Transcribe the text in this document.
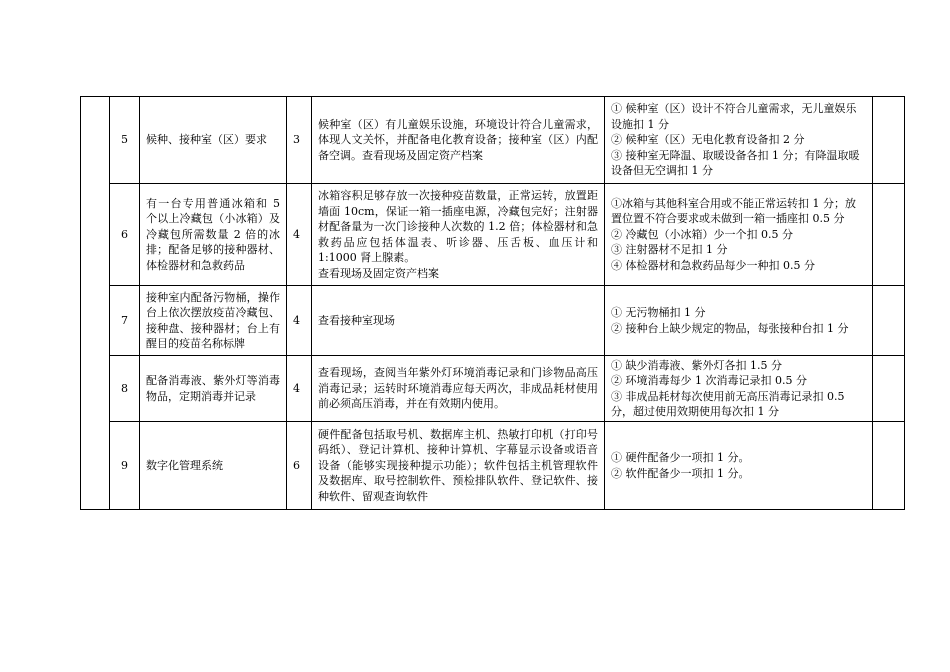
	5	候种、接种室（区）要求	3	候种室（区）有儿童娱乐设施，环境设计符合儿童需求，体现人文关怀，并配备电化教育设备；接种室（区）内配备空调。查看现场及固定资产档案	① 候种室（区）设计不符合儿童需求，无儿童娱乐设施扣 1 分
② 候种室（区）无电化教育设备扣 2 分
③ 接种室无降温、取暖设备各扣 1 分；有降温取暖设备但无空调扣 1 分	

	6	有一台专用普通冰箱和 5 个以上冷藏包（小冰箱）及冷藏包所需数量 2 倍的冰排；配备足够的接种器材、体检器材和急救药品	4	冰箱容积足够存放一次接种疫苗数量，正常运转，放置距墙面 10cm，保证一箱一插座电源，冷藏包完好；注射器材配备量为一次门诊接种人次数的 1.2 倍；体检器材和急救药品应包括体温表、听诊器、压舌板、血压计和 1:1000 肾上腺素。
查看现场及固定资产档案	①冰箱与其他科室合用或不能正常运转扣 1 分；放置位置不符合要求或未做到一箱一插座扣 0.5 分
② 冷藏包（小冰箱）少一个扣 0.5 分
③ 注射器材不足扣 1 分
④ 体检器材和急救药品每少一种扣 0.5 分	

	7	接种室内配备污物桶，操作台上依次摆放疫苗冷藏包、接种盘、接种器材；台上有醒目的疫苗名称标牌	4	查看接种室现场	① 无污物桶扣 1 分
② 接种台上缺少规定的物品，每张接种台扣 1 分	

	8	配备消毒液、紫外灯等消毒物品，定期消毒并记录	4	查看现场，查阅当年紫外灯环境消毒记录和门诊物品高压消毒记录；运转时环境消毒应每天两次，非成品耗材使用前必须高压消毒，并在有效期内使用。	① 缺少消毒液、紫外灯各扣 1.5 分
② 环境消毒每少 1 次消毒记录扣 0.5 分
③ 非成品耗材每次使用前无高压消毒记录扣 0.5 分，超过使用效期使用每次扣 1 分	

	9	数字化管理系统	6	硬件配备包括取号机、数据库主机、热敏打印机（打印号码纸）、登记计算机、接种计算机、字幕显示设备或语音设备（能够实现接种提示功能）；软件包括主机管理软件及数据库、取号控制软件、预检排队软件、登记软件、接种软件、留观查询软件	① 硬件配备少一项扣 1 分。
② 软件配备少一项扣 1 分。	
